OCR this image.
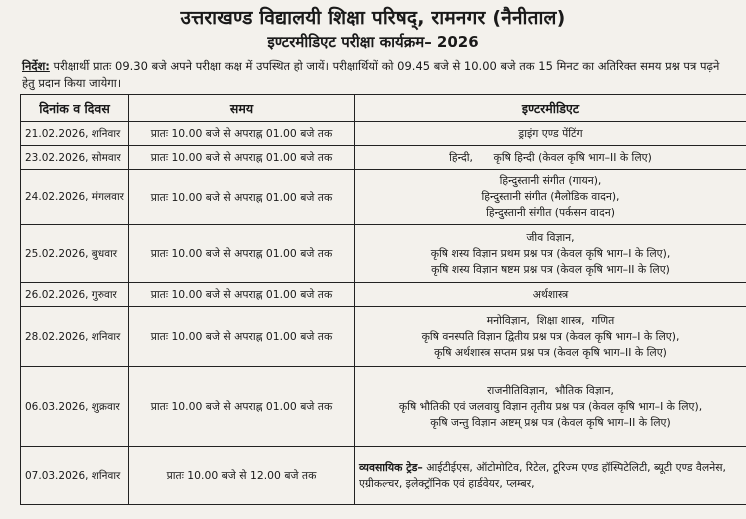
उत्तराखण्ड विद्यालयी शिक्षा परिषद्, रामनगर (नैनीताल)
इण्टरमीडिएट परीक्षा कार्यक्रम– 2026
निर्देश: परीक्षार्थी प्रातः 09.30 बजे अपने परीक्षा कक्ष में उपस्थित हो जायें। परीक्षार्थियों को 09.45 बजे से 10.00 बजे तक 15 मिनट का अतिरिक्त समय प्रश्न पत्र पढ़ने हेतु प्रदान किया जायेगा।
दिनांक व दिवस	समय	इण्टरमीडिएट
21.02.2026, शनिवार	प्रातः 10.00 बजे से अपराह्न 01.00 बजे तक	ड्राइंग एण्ड पेंटिंग

23.02.2026, सोमवार	प्रातः 10.00 बजे से अपराह्न 01.00 बजे तक	हिन्दी,      कृषि हिन्दी (केवल कृषि भाग–II के लिए)

24.02.2026, मंगलवार	प्रातः 10.00 बजे से अपराह्न 01.00 बजे तक	हिन्दुस्तानी संगीत (गायन),
हिन्दुस्तानी संगीत (मैलोडिक वादन),
हिन्दुस्तानी संगीत (पर्कसन वादन)

25.02.2026, बुधवार	प्रातः 10.00 बजे से अपराह्न 01.00 बजे तक	जीव विज्ञान,
कृषि शस्य विज्ञान प्रथम प्रश्न पत्र (केवल कृषि भाग–I के लिए),
कृषि शस्य विज्ञान षष्टम प्रश्न पत्र (केवल कृषि भाग–II के लिए)

26.02.2026, गुरुवार	प्रातः 10.00 बजे से अपराह्न 01.00 बजे तक	अर्थशास्त्र

28.02.2026, शनिवार	प्रातः 10.00 बजे से अपराह्न 01.00 बजे तक	मनोविज्ञान,  शिक्षा शास्त्र,  गणित
कृषि वनस्पति विज्ञान द्वितीय प्रश्न पत्र (केवल कृषि भाग–I के लिए),
कृषि अर्थशास्त्र सप्तम प्रश्न पत्र (केवल कृषि भाग–II के लिए)

06.03.2026, शुक्रवार	प्रातः 10.00 बजे से अपराह्न 01.00 बजे तक	राजनीतिविज्ञान,  भौतिक विज्ञान,
कृषि भौतिकी एवं जलवायु विज्ञान तृतीय प्रश्न पत्र (केवल कृषि भाग–I के लिए),
कृषि जन्तु विज्ञान अष्टम् प्रश्न पत्र (केवल कृषि भाग–II के लिए)

07.03.2026, शनिवार	प्रातः 10.00 बजे से 12.00 बजे तक	व्यवसायिक ट्रेड– आईटीईएस, ऑटोमोटिव, रिटेल, टूरिज्म एण्ड हॉस्पिटेलिटी, ब्यूटी एण्ड वैलनेस, एग्रीकल्चर, इलेक्ट्रॉनिक एवं हार्डवेयर, प्लम्बर,
